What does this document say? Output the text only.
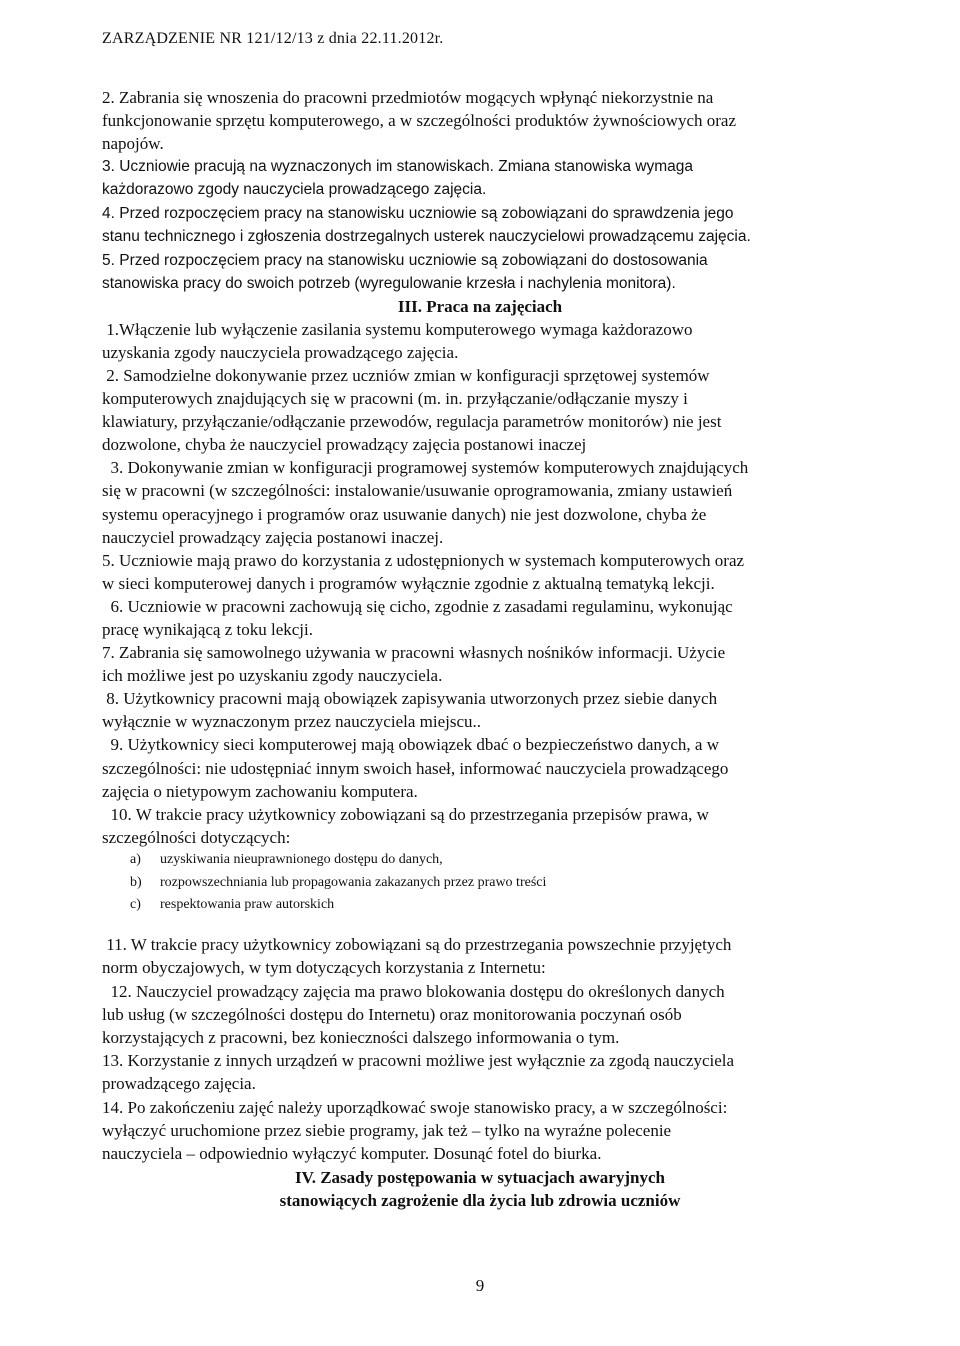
ZARZĄDZENIE NR 121/12/13 z dnia 22.11.2012r.
2. Zabrania się wnoszenia do pracowni przedmiotów mogących wpłynąć niekorzystnie na
funkcjonowanie sprzętu komputerowego, a w szczególności produktów żywnościowych oraz
napojów.
3. Uczniowie pracują na wyznaczonych im stanowiskach. Zmiana stanowiska wymaga
każdorazowo zgody nauczyciela prowadzącego zajęcia.
4. Przed rozpoczęciem pracy na stanowisku uczniowie są zobowiązani do sprawdzenia jego
stanu technicznego i zgłoszenia dostrzegalnych usterek nauczycielowi prowadzącemu zajęcia.
5. Przed rozpoczęciem pracy na stanowisku uczniowie są zobowiązani do dostosowania
stanowiska pracy do swoich potrzeb (wyregulowanie krzesła i nachylenia monitora).
III. Praca na zajęciach
1.Włączenie lub wyłączenie zasilania systemu komputerowego wymaga każdorazowo
uzyskania zgody nauczyciela prowadzącego zajęcia.
2. Samodzielne dokonywanie przez uczniów zmian w konfiguracji sprzętowej systemów
komputerowych znajdujących się w pracowni (m. in. przyłączanie/odłączanie myszy i
klawiatury, przyłączanie/odłączanie przewodów, regulacja parametrów monitorów) nie jest
dozwolone, chyba że nauczyciel prowadzący zajęcia postanowi inaczej
3. Dokonywanie zmian w konfiguracji programowej systemów komputerowych znajdujących
się w pracowni (w szczególności: instalowanie/usuwanie oprogramowania, zmiany ustawień
systemu operacyjnego i programów oraz usuwanie danych) nie jest dozwolone, chyba że
nauczyciel prowadzący zajęcia postanowi inaczej.
5. Uczniowie mają prawo do korzystania z udostępnionych w systemach komputerowych oraz
w sieci komputerowej danych i programów wyłącznie zgodnie z aktualną tematyką lekcji.
6. Uczniowie w pracowni zachowują się cicho, zgodnie z zasadami regulaminu, wykonując
pracę wynikającą z toku lekcji.
7. Zabrania się samowolnego używania w pracowni własnych nośników informacji. Użycie
ich możliwe jest po uzyskaniu zgody nauczyciela.
8. Użytkownicy pracowni mają obowiązek zapisywania utworzonych przez siebie danych
wyłącznie w wyznaczonym przez nauczyciela miejscu..
9. Użytkownicy sieci komputerowej mają obowiązek dbać o bezpieczeństwo danych, a w
szczególności: nie udostępniać innym swoich haseł, informować nauczyciela prowadzącego
zajęcia o nietypowym zachowaniu komputera.
10. W trakcie pracy użytkownicy zobowiązani są do przestrzegania przepisów prawa, w
szczególności dotyczących:
a) uzyskiwania nieuprawnionego dostępu do danych,
b) rozpowszechniania lub propagowania zakazanych przez prawo treści
c) respektowania praw autorskich
11. W trakcie pracy użytkownicy zobowiązani są do przestrzegania powszechnie przyjętych
norm obyczajowych, w tym dotyczących korzystania z Internetu:
12. Nauczyciel prowadzący zajęcia ma prawo blokowania dostępu do określonych danych
lub usług (w szczególności dostępu do Internetu) oraz monitorowania poczynań osób
korzystających z pracowni, bez konieczności dalszego informowania o tym.
13. Korzystanie z innych urządzeń w pracowni możliwe jest wyłącznie za zgodą nauczyciela
prowadzącego zajęcia.
14. Po zakończeniu zajęć należy uporządkować swoje stanowisko pracy, a w szczególności:
wyłączyć uruchomione przez siebie programy, jak też – tylko na wyraźne polecenie
nauczyciela – odpowiednio wyłączyć komputer. Dosunąć fotel do biurka.
IV. Zasady postępowania w sytuacjach awaryjnych
stanowiących zagrożenie dla życia lub zdrowia uczniów
9
